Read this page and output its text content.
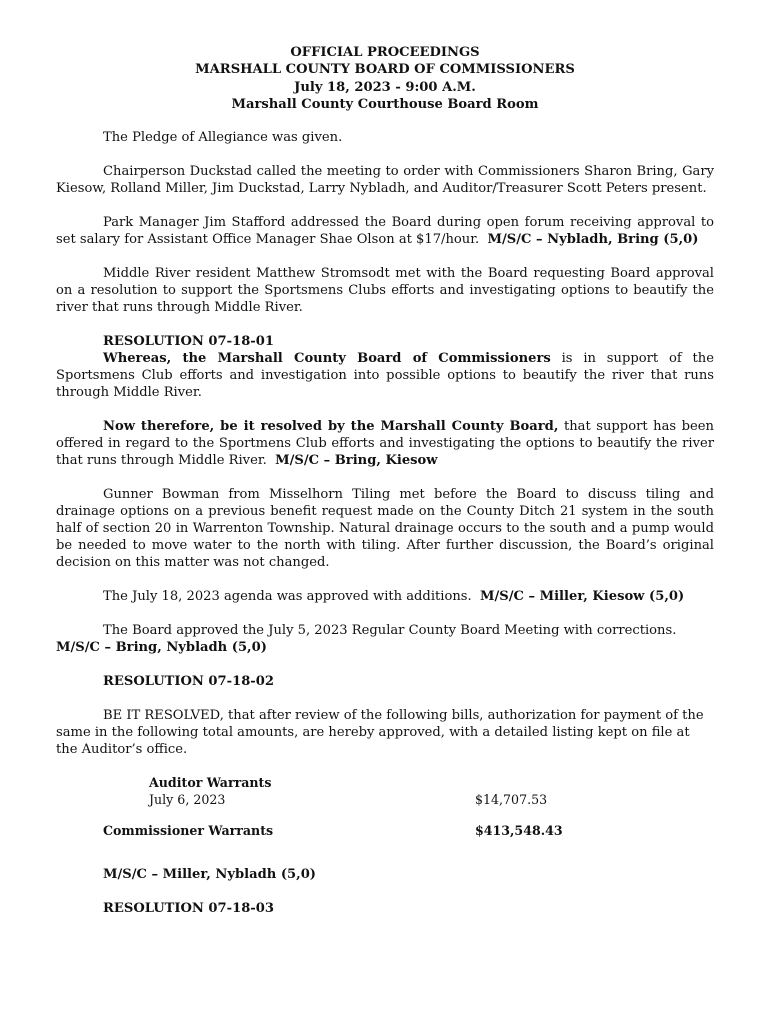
OFFICIAL PROCEEDINGS
MARSHALL COUNTY BOARD OF COMMISSIONERS
July 18, 2023 - 9:00 A.M.
Marshall County Courthouse Board Room

The Pledge of Allegiance was given.

Chairperson Duckstad called the meeting to order with Commissioners Sharon Bring, Gary Kiesow, Rolland Miller, Jim Duckstad, Larry Nybladh, and Auditor/Treasurer Scott Peters present.

Park Manager Jim Stafford addressed the Board during open forum receiving approval to set salary for Assistant Office Manager Shae Olson at $17/hour. M/S/C – Nybladh, Bring (5,0)

Middle River resident Matthew Stromsodt met with the Board requesting Board approval on a resolution to support the Sportsmens Clubs efforts and investigating options to beautify the river that runs through Middle River.

RESOLUTION 07-18-01

Whereas, the Marshall County Board of Commissioners is in support of the Sportsmens Club efforts and investigation into possible options to beautify the river that runs through Middle River.

Now therefore, be it resolved by the Marshall County Board, that support has been offered in regard to the Sportmens Club efforts and investigating the options to beautify the river that runs through Middle River. M/S/C – Bring, Kiesow

Gunner Bowman from Misselhorn Tiling met before the Board to discuss tiling and drainage options on a previous benefit request made on the County Ditch 21 system in the south half of section 20 in Warrenton Township. Natural drainage occurs to the south and a pump would be needed to move water to the north with tiling. After further discussion, the Board’s original decision on this matter was not changed.

The July 18, 2023 agenda was approved with additions. M/S/C – Miller, Kiesow (5,0)

The Board approved the July 5, 2023 Regular County Board Meeting with corrections.  M/S/C – Bring, Nybladh (5,0)

RESOLUTION 07-18-02

BE IT RESOLVED, that after review of the following bills, authorization for payment of the same in the following total amounts, are hereby approved, with a detailed listing kept on file at the Auditor’s office.

Auditor Warrants
July 6, 2023	$14,707.53
Commissioner Warrants	$413,548.43
M/S/C – Miller, Nybladh (5,0)
RESOLUTION 07-18-03
